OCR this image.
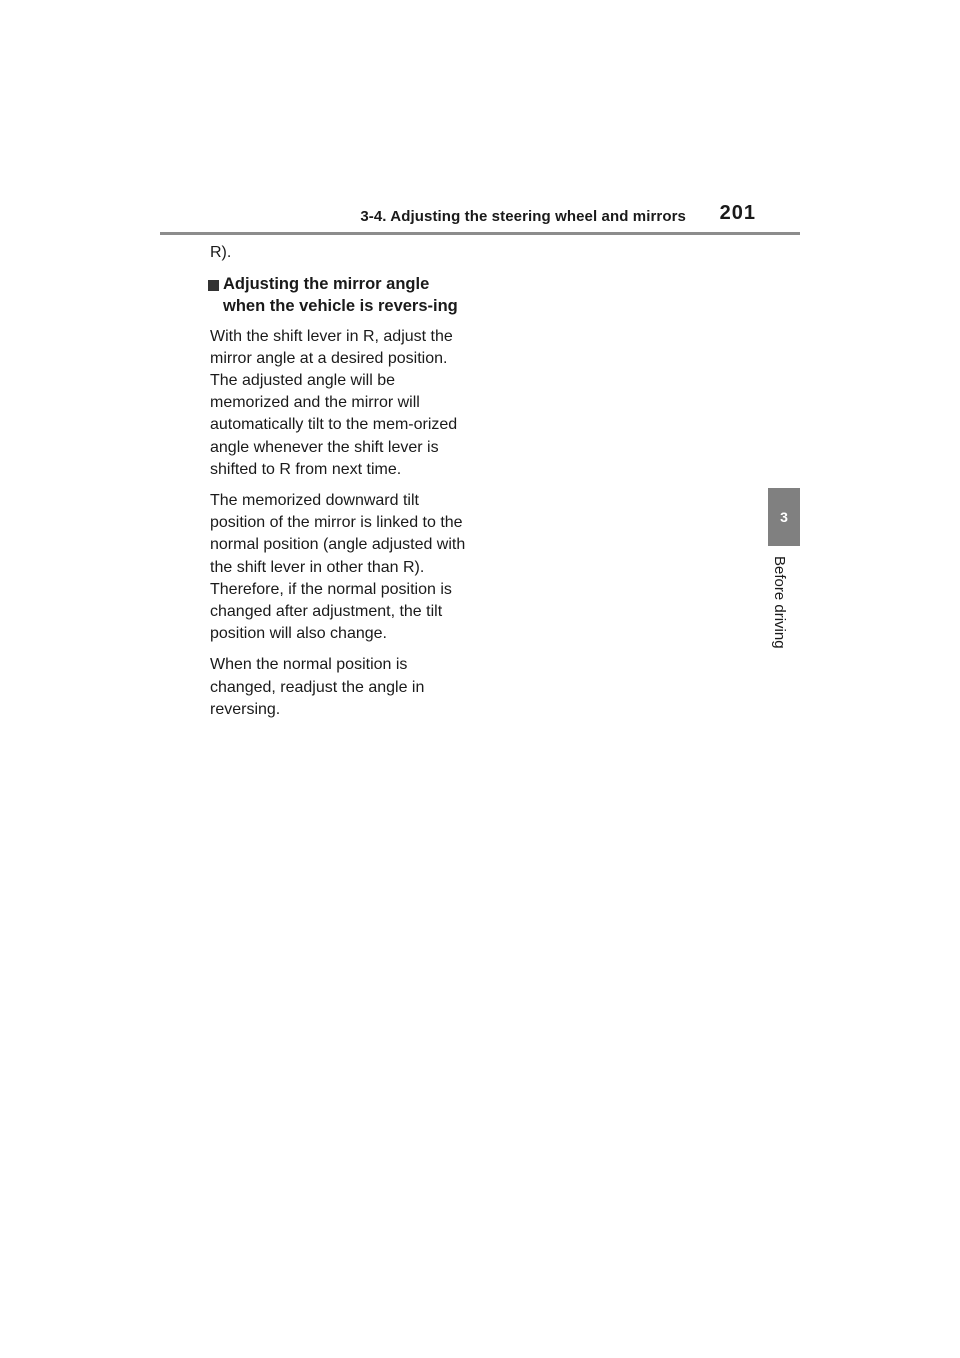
3-4. Adjusting the steering wheel and mirrors 201
3
Before driving

R).

Adjusting the mirror angle when the vehicle is revers-ing

With the shift lever in R, adjust the mirror angle at a desired position. The adjusted angle will be memorized and the mirror will automatically tilt to the mem-orized angle whenever the shift lever is shifted to R from next time.

The memorized downward tilt position of the mirror is linked to the normal position (angle adjusted with the shift lever in other than R). Therefore, if the normal position is changed after adjustment, the tilt position will also change.

When the normal position is changed, readjust the angle in reversing.
